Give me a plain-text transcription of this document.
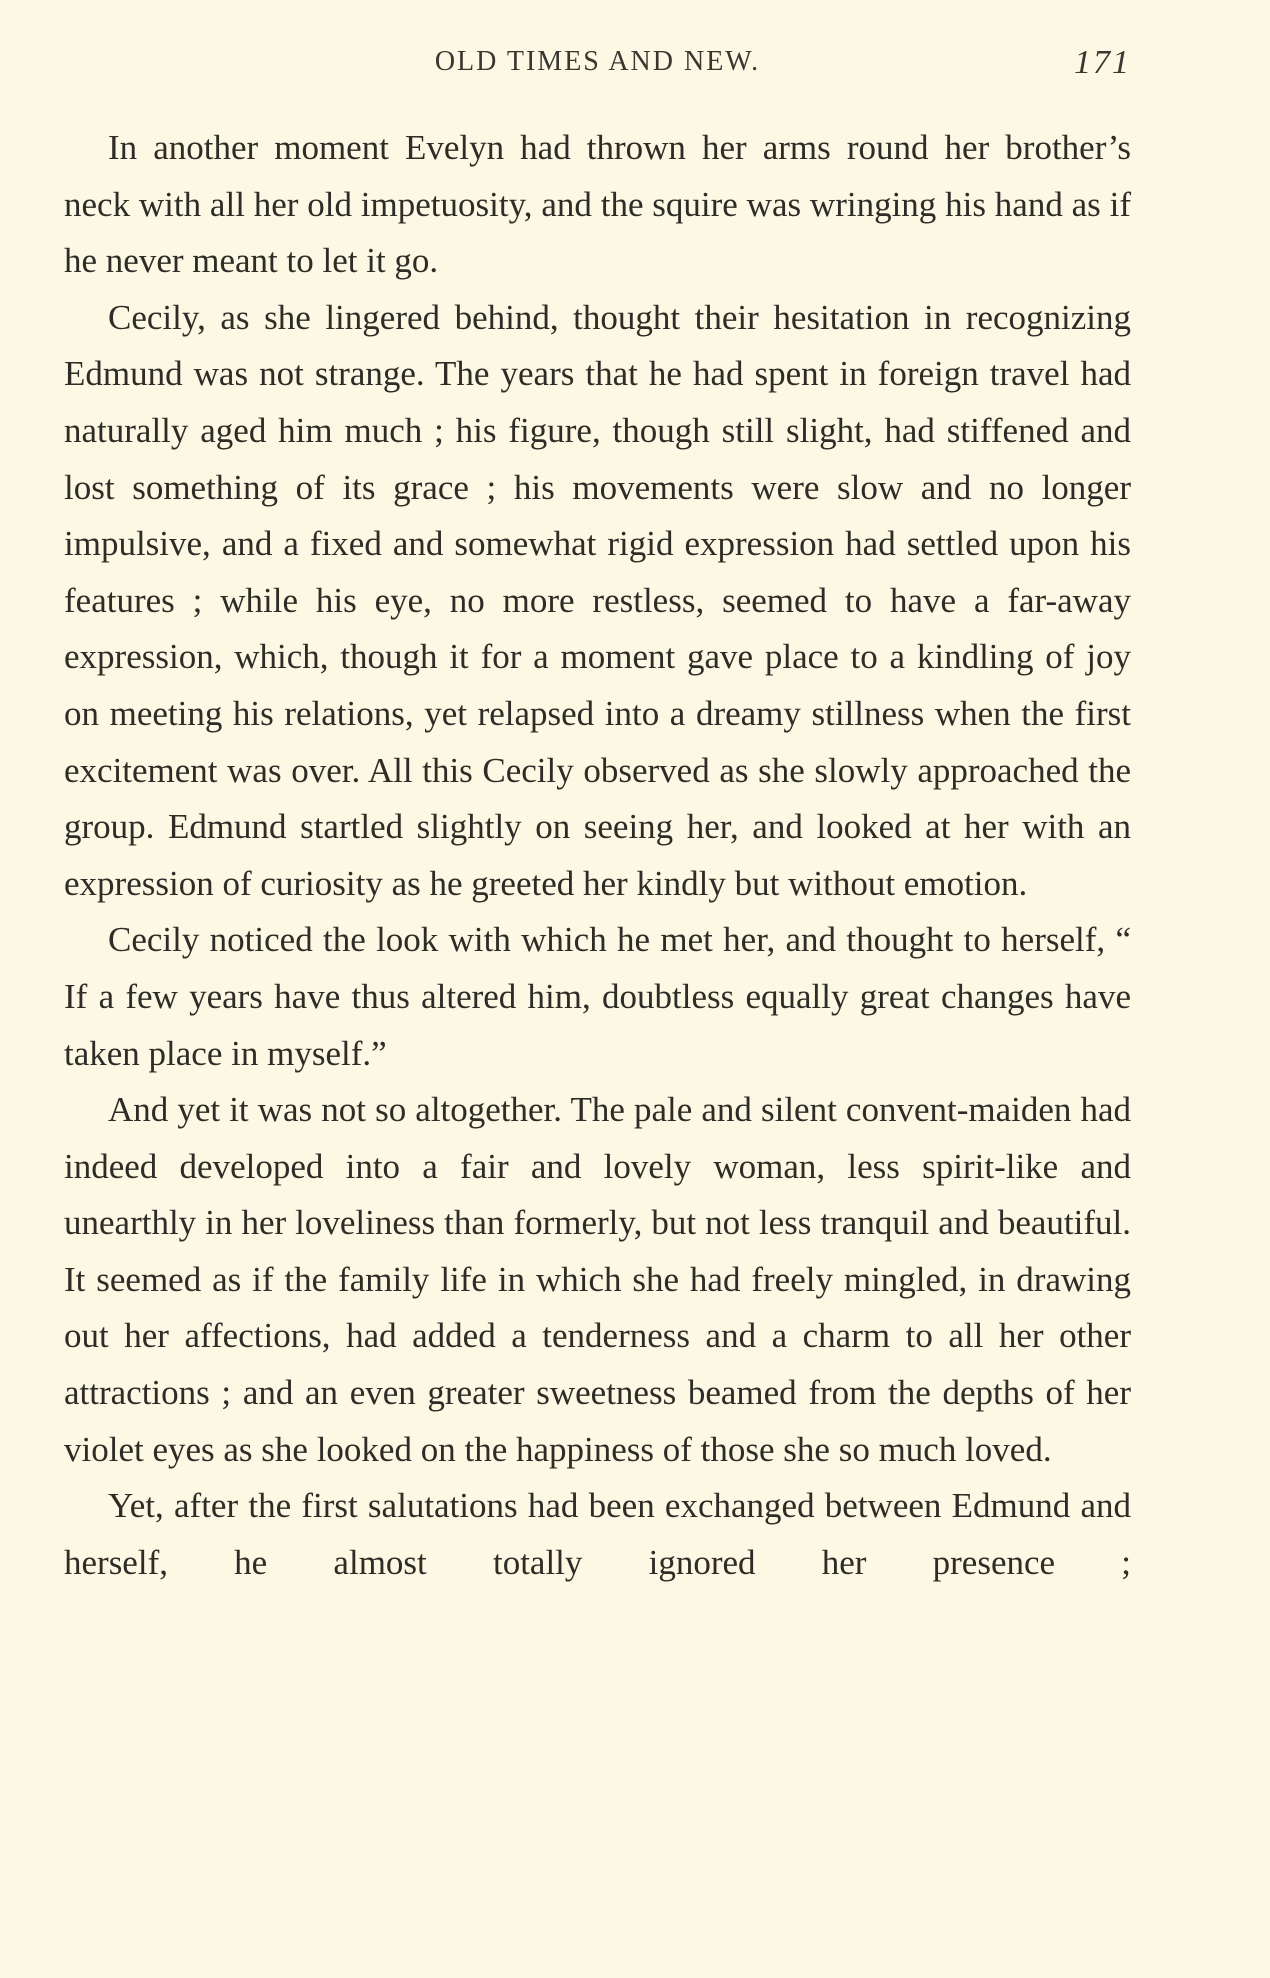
OLD TIMES AND NEW.	171

In another moment Evelyn had thrown her arms round her brother’s neck with all her old impetuosity, and the squire was wringing his hand as if he never meant to let it go.

Cecily, as she lingered behind, thought their hesitation in recognizing Edmund was not strange. The years that he had spent in foreign travel had naturally aged him much ; his figure, though still slight, had stiffened and lost something of its grace ; his movements were slow and no longer impulsive, and a fixed and somewhat rigid expression had settled upon his features ; while his eye, no more restless, seemed to have a far-away expression, which, though it for a moment gave place to a kindling of joy on meeting his relations, yet relapsed into a dreamy stillness when the first excitement was over. All this Cecily observed as she slowly approached the group. Edmund startled slightly on seeing her, and looked at her with an expression of curiosity as he greeted her kindly but without emotion.

Cecily noticed the look with which he met her, and thought to herself, “ If a few years have thus altered him, doubtless equally great changes have taken place in myself.”

And yet it was not so altogether. The pale and silent convent-maiden had indeed developed into a fair and lovely woman, less spirit-like and unearthly in her loveliness than formerly, but not less tranquil and beautiful. It seemed as if the family life in which she had freely mingled, in drawing out her affections, had added a tenderness and a charm to all her other attractions ; and an even greater sweetness beamed from the depths of her violet eyes as she looked on the happiness of those she so much loved.

Yet, after the first salutations had been exchanged between Edmund and herself, he almost totally ignored her presence ;
